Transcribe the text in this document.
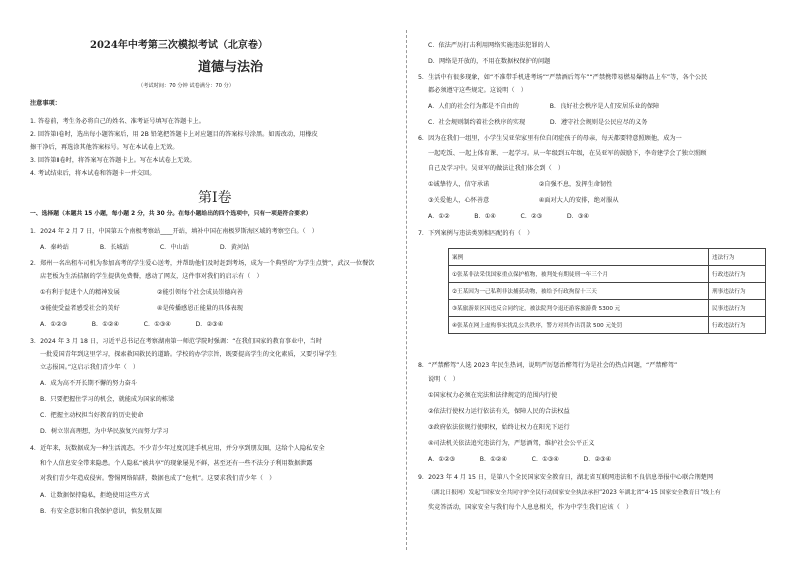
2024年中考第三次模拟考试（北京卷）
道德与法治
（考试时间：70 分钟 试卷满分：70 分）
注意事项：
1. 答卷前，考生务必将自己的姓名、准考证号填写在答题卡上。
2. 回答第Ⅰ卷时，选出每小题答案后，用 2B 铅笔把答题卡上对应题目的答案标号涂黑。如需改动，用橡皮
擦干净后，再选涂其他答案标号。写在本试卷上无效。
3. 回答第Ⅱ卷时，将答案写在答题卡上。写在本试卷上无效。
4. 考试结束后，将本试卷和答题卡一并交回。
第Ⅰ卷
一、选择题（本题共 15 小题，每小题 2 分，共 30 分。在每小题给出的四个选项中，只有一项是符合要求）
1．2024 年 2 月 7 日，中国第五个南极考察站____开站，填补中国在南极罗斯海区域的考察空白。（　）
A．秦岭站　　　　　B．长城站　　　　　C．中山站　　　　　D．黄河站
2．郑州一名出租车司机为参加高考的学生爱心送考，并帮助他们及时赶到考场，成为一个典型的“为学生点赞”，武汉一位餐饮
店老板为生活拮据的学生提供免费餐，感动了网友，这件事对我们的启示有（　）
①有利于促进个人的精神发展　　　　　　②能引领每个社会成员崇德向善
③能使受益者感受社会的美好　　　　　　④是传播感恩正能量的具体表现
A．①②③　　　　B．①②④　　　　C．①③④　　　　D．②③④
3．2024 年 3 月 18 日，习近平总书记在考察湖南第一师范学院时强调：“在我们国家的教育事业中，当时
一批爱国青年到这里学习，探索救国救民的道路。学校的办学宗旨，既要提高学生的文化素质，又要引导学生
立志报国。”这启示我们青少年（　）
A．成为高不开长期不懈的努力奋斗
B．只要把握住学习的机会，就能成为国家的栋梁
C．把握主动权担当好教育的历史使命
D．树立崇高理想，为中华民族复兴而努力学习
4．近年来，玩数据成为一种生活流态。不少青少年过度沉迷手机应用，并分享到朋友圈，这给个人隐私安全
和个人信息安全带来隐患。个人隐私“被共享”的现象屡见不鲜，甚至还有一些不法分子利用数据泄露
对我们青少年造成侵害。警惕网络陷阱，数据也成了“危机”。这要求我们青少年（　）
A．让数据保持隐私，拒绝使用这些方式
B．有安全意识和自我保护意识，慎发朋友圈
C．依法严厉打击利用网络实施违法犯罪的人
D．网络是开放的，不用在数据权保护的问题
5．生活中有很多现象，如“不准带手机进考场”“严禁酒后驾车”“严禁携带易燃易爆物品上车”等，各个公民
都必须遵守这些规定。这说明（　）
A．人们的社会行为都是不自由的　　　　　B．良好社会秩序是人们安居乐业的保障
C．社会规则制约着社会秩序的实现　　　　D．遵守社会规则是公民应尽的义务
6．因为在我们一组里，小学生吴亚荣家里有位自闭症孩子的母亲，每天都要特意照顾他，成为一
一起吃饭、一起上体育课、一起学习。从一年级到五年级，在吴亚军的鼓励下，李奇建学会了独立照顾
自己及学习中。吴亚军的做法让我们体会到（　）
①诚挚待人，信守承诺　　　　　　　　②自强不息，发挥生命韧性
③关爱他人，心怀善意　　　　　　　　④面对大人的安排，绝对服从
A．①②　　　　B．①④　　　　C．②③　　　　D．③④
7．下列案例与违法类别相匹配的有（　）
案例	违法行为
①张某非法采伐国家重点保护植物，被判处有期徒刑一年三个月	行政违法行为
②王某因为一己私利非法捕获动物，被给予行政拘留十三天	刑事违法行为
③某旅游景区因违反合同约定，被法院判令退还游客旅游费 5300 元	民事违法行为
④张某在网上虚构事实扰乱公共秩序，警方对其作出罚款 500 元处罚	行政违法行为
8．“严禁醉驾”人选 2023 年民生热词，说明严厉惩治醉驾行为是社会的热点问题，“严禁醉驾”
说明（　）
①国家权力必须在宪法和法律规定的范围内行使
②依法行使权力运行依法有关，保障人民的合法权益
③政府依法依规行使职权，始终让权力在阳光下运行
④司法机关依法追究违法行为，严惩酒驾，维护社会公平正义
A．①②③　　　　B．①②④　　　　C．①③④　　　　D．②③④
9．2023 年 4 月 15 日，是第八个全民国家安全教育日，湖北省互联网违法和不良信息举报中心联合荆楚网
（湖北日报网）发起“国家安全共同守护全民行动国家安全执法承担”2023 年湖北省“4·15 国家安全教育日”线上有
奖竞答活动，国家安全与我们每个人息息相关，作为中学生我们应该（　）
